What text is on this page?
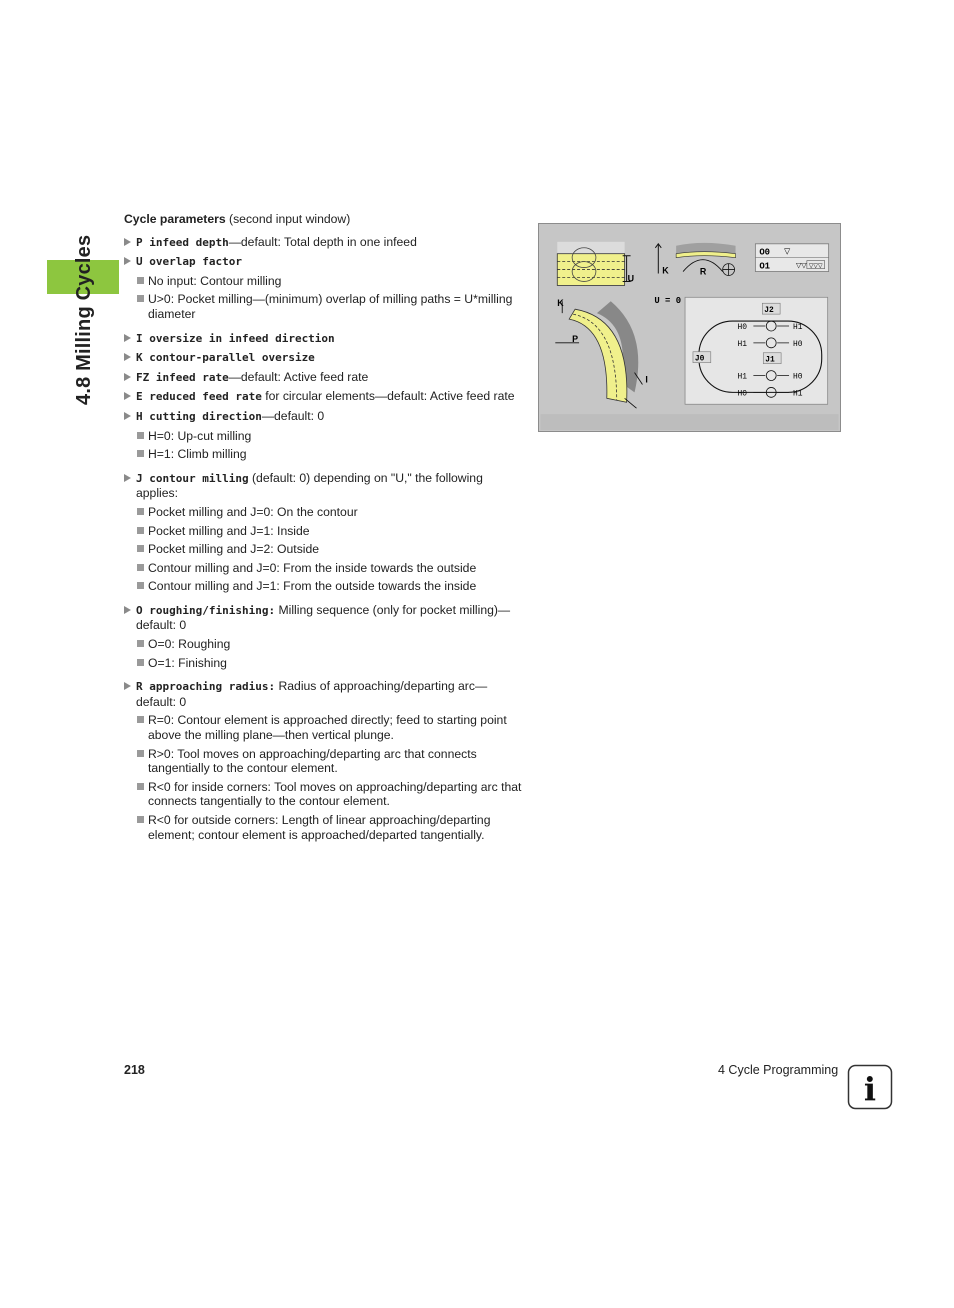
4.8 Milling Cycles
Cycle parameters (second input window)
P infeed depth—default: Total depth in one infeed
U overlap factor
No input: Contour milling
U>0: Pocket milling—(minimum) overlap of milling paths = U*milling diameter
I oversize in infeed direction
K contour-parallel oversize
FZ infeed rate—default: Active feed rate
E reduced feed rate for circular elements—default: Active feed rate
H cutting direction—default: 0
H=0: Up-cut milling
H=1: Climb milling
J contour milling (default: 0) depending on "U," the following applies:
Pocket milling and J=0: On the contour
Pocket milling and J=1: Inside
Pocket milling and J=2: Outside
Contour milling and J=0: From the inside towards the outside
Contour milling and J=1: From the outside towards the inside
O roughing/finishing: Milling sequence (only for pocket milling)—default: 0
O=0: Roughing
O=1: Finishing
R approaching radius: Radius of approaching/departing arc—default: 0
R=0: Contour element is approached directly; feed to starting point above the milling plane—then vertical plunge.
R>0: Tool moves on approaching/departing arc that connects tangentially to the contour element.
R<0 for inside corners: Tool moves on approaching/departing arc that connects tangentially to the contour element.
R<0 for outside corners: Length of linear approaching/departing element; contour element is approached/departed tangentially.
U
K	R
▽
▽▽ ▽▽▽
O0
O1
K
P
I
U = 0
J2
J0	J1
H0	H1
H1	H0
H1	H0
H0	H1
218	4 Cycle Programming i
